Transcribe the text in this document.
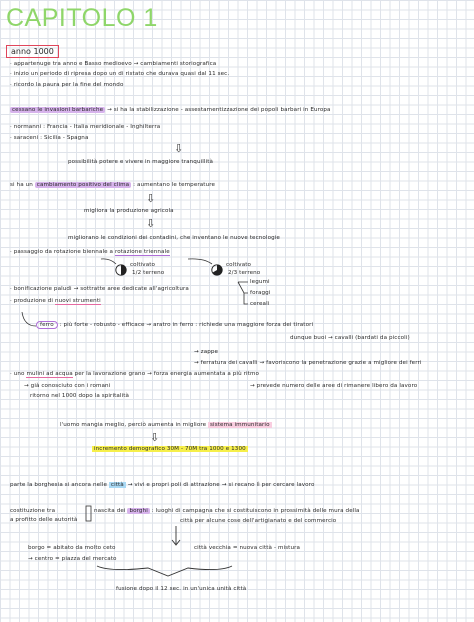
CAPITOLO 1
anno 1000
· appartenuge tra anno e Basso medioevo → cambiamenti storiografica
· inizio un periodo di ripresa dopo un di ristato che durava quasi dal 11 sec.
· ricordo la paura per la fine del mondo
cessano le invasioni barbariche → si ha la stabilizzazione - assestamentizzazione dei popoli barbari in Europa
· normanni : Francia - Italia meridionale - Inghilterra
· saraceni : Sicilia - Spagna
⇩
possibilità potere e vivere in maggiore tranquillità
si ha un cambiamento positivo del clima : aumentano le temperature
⇩
migliora la produzione agricola
⇩
migliorano le condizioni dei contadini, che inventano le nuove tecnologie
· passaggio da rotazione biennale a rotazione triennale
coltivato
1/2 terreno
coltivato
2/3 terreno
· bonificazione paludi → sottratte aree dedicate all'agricoltura
legumi
foraggi
cereali
· produzione di nuovi strumenti
ferro : più forte - robusto - efficace → aratro in ferro : richiede una maggiore forza dei tiratori
dunque buoi → cavalli (bardati da piccoli)
→ zappe
→ ferratura dei cavalli → favoriscono la penetrazione grazie a migliore dei ferri
· uno mulini ad acqua per la lavorazione grano → forza energia aumentata a più ritmo
→ già conosciuto con i romani	→ prevede numero delle aree di rimanere libero da lavoro
ritorno nel 1000 dopo la spiritalità
l'uomo mangia meglio, perciò aumenta in migliore sistema immunitario
⇩
incremento demografico 30M - 70M tra 1000 e 1300
parte la borghesia si ancora nelle città → vivi e propri poli di attrazione → si recano lì per cercare lavoro
costituzione tra
a profitto delle autorità
nascita dei borghi : luoghi di campagna che si costituiscono in prossimità delle mura della
città per alcune cose dell'artigianato e del commercio
borgo = abitato da molto ceto
→ centro = piazza del mercato
città vecchia = nuova città - mistura
fusione dopo il 12 sec. in un'unica unità città
